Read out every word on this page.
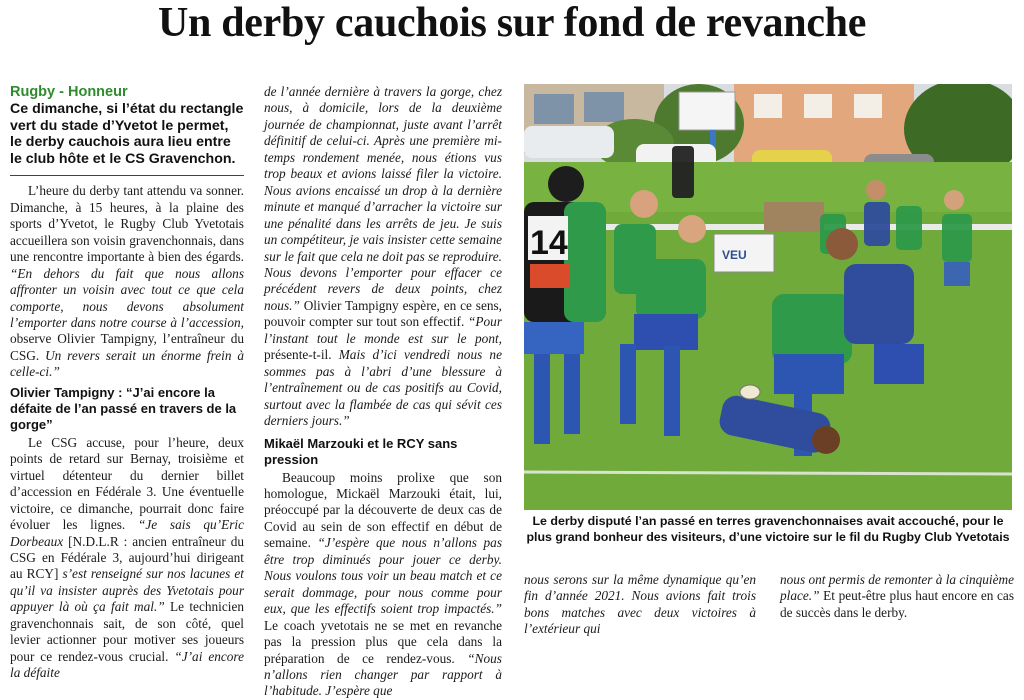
Un derby cauchois sur fond de revanche
Rugby - Honneur
Ce dimanche, si l’état du rectangle vert du stade d’Yvetot le permet, le derby cauchois aura lieu entre le club hôte et le CS Gravenchon.

L’heure du derby tant attendu va sonner. Dimanche, à 15 heures, à la plaine des sports d’Yvetot, le Rugby Club Yvetotais accueillera son voisin gravenchonnais, dans une rencontre importante à bien des égards. “En dehors du fait que nous allons affronter un voisin avec tout ce que cela comporte, nous devons absolument l’emporter dans notre course à l’accession, observe Olivier Tampigny, l’entraîneur du CSG. Un revers serait un énorme frein à celle-ci.”

Olivier Tampigny : “J’ai encore la défaite de l’an passé en travers de la gorge”

Le CSG accuse, pour l’heure, deux points de retard sur Bernay, troisième et virtuel détenteur du dernier billet d’accession en Fédérale 3. Une éventuelle victoire, ce dimanche, pourrait donc faire évoluer les lignes. “Je sais qu’Eric Dorbeaux [N.D.L.R : ancien entraîneur du CSG en Fédérale 3, aujourd’hui dirigeant au RCY] s’est renseigné sur nos lacunes et qu’il va insister auprès des Yvetotais pour appuyer là où ça fait mal.” Le technicien gravenchonnais sait, de son côté, quel levier actionner pour motiver ses joueurs pour ce rendez-vous crucial. “J’ai encore la défaite

de l’année dernière à travers la gorge, chez nous, à domicile, lors de la deuxième journée de championnat, juste avant l’arrêt définitif de celui-ci. Après une première mi-temps rondement menée, nous étions vus trop beaux et avions laissé filer la victoire. Nous avions encaissé un drop à la dernière minute et manqué d’arracher la victoire sur une pénalité dans les arrêts de jeu. Je suis un compétiteur, je vais insister cette semaine sur le fait que cela ne doit pas se reproduire. Nous devons l’emporter pour effacer ce précédent revers de deux points, chez nous.” Olivier Tampigny espère, en ce sens, pouvoir compter sur tout son effectif. “Pour l’instant tout le monde est sur le pont, présente-t-il. Mais d’ici vendredi nous ne sommes pas à l’abri d’une blessure à l’entraînement ou de cas positifs au Covid, surtout avec la flambée de cas qui sévit ces derniers jours.”

Mikaël Marzouki et le RCY sans pression

Beaucoup moins prolixe que son homologue, Mickaël Marzouki était, lui, préoccupé par la découverte de deux cas de Covid au sein de son effectif en début de semaine. “J’espère que nous n’allons pas être trop diminués pour jouer ce derby. Nous voulons tous voir un beau match et ce serait dommage, pour nous comme pour eux, que les effectifs soient trop impactés.” Le coach yvetotais ne se met en revanche pas la pression plus que cela dans la préparation de ce rendez-vous. “Nous n’allons rien changer par rapport à l’habitude. J’espère que

VEU
14
Le derby disputé l’an passé en terres gravenchonnaises avait accouché, pour le plus grand bonheur des visiteurs, d’une victoire sur le fil du Rugby Club Yvetotais

nous serons sur la même dynamique qu’en fin d’année 2021. Nous avions fait trois bons matches avec deux victoires à l’extérieur qui

nous ont permis de remonter à la cinquième place.” Et peut-être plus haut encore en cas de succès dans le derby.
